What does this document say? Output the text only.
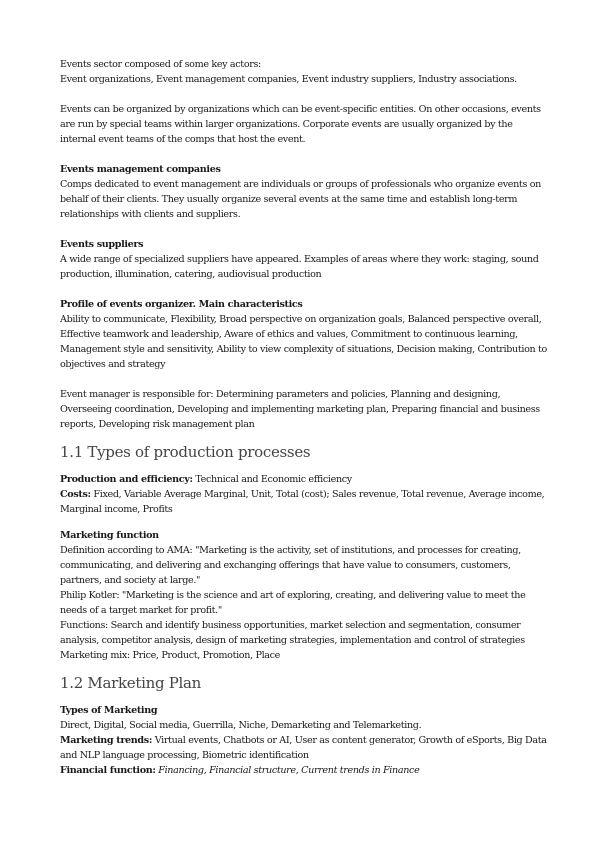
Events sector composed of some key actors:

Event organizations, Event management companies, Event industry suppliers, Industry associations.

Events can be organized by organizations which can be event-specific entities. On other occasions, events are run by special teams within larger organizations. Corporate events are usually organized by the internal event teams of the comps that host the event.

Events management companies

Comps dedicated to event management are individuals or groups of professionals who organize events on behalf of their clients. They usually organize several events at the same time and establish long-term relationships with clients and suppliers.

Events suppliers

A wide range of specialized suppliers have appeared. Examples of areas where they work: staging, sound production, illumination, catering, audiovisual production

Profile of events organizer. Main characteristics

Ability to communicate, Flexibility, Broad perspective on organization goals, Balanced perspective overall, Effective teamwork and leadership, Aware of ethics and values, Commitment to continuous learning, Management style and sensitivity, Ability to view complexity of situations, Decision making, Contribution to objectives and strategy

Event manager is responsible for: Determining parameters and policies, Planning and designing, Overseeing coordination, Developing and implementing marketing plan, Preparing financial and business reports, Developing risk management plan

1.1 Types of production processes

Production and efficiency: Technical and Economic efficiency

Costs: Fixed, Variable Average Marginal, Unit, Total (cost); Sales revenue, Total revenue, Average income, Marginal income, Profits

Marketing function

Definition according to AMA: "Marketing is the activity, set of institutions, and processes for creating, communicating, and delivering and exchanging offerings that have value to consumers, customers, partners, and society at large."

Philip Kotler: "Marketing is the science and art of exploring, creating, and delivering value to meet the needs of a target market for profit."

Functions: Search and identify business opportunities, market selection and segmentation, consumer analysis, competitor analysis, design of marketing strategies, implementation and control of strategies

Marketing mix: Price, Product, Promotion, Place

1.2 Marketing Plan

Types of Marketing

Direct, Digital, Social media, Guerrilla, Niche, Demarketing and Telemarketing.

Marketing trends: Virtual events, Chatbots or AI, User as content generator, Growth of eSports, Big Data and NLP language processing, Biometric identification

Financial function: Financing, Financial structure, Current trends in Finance
